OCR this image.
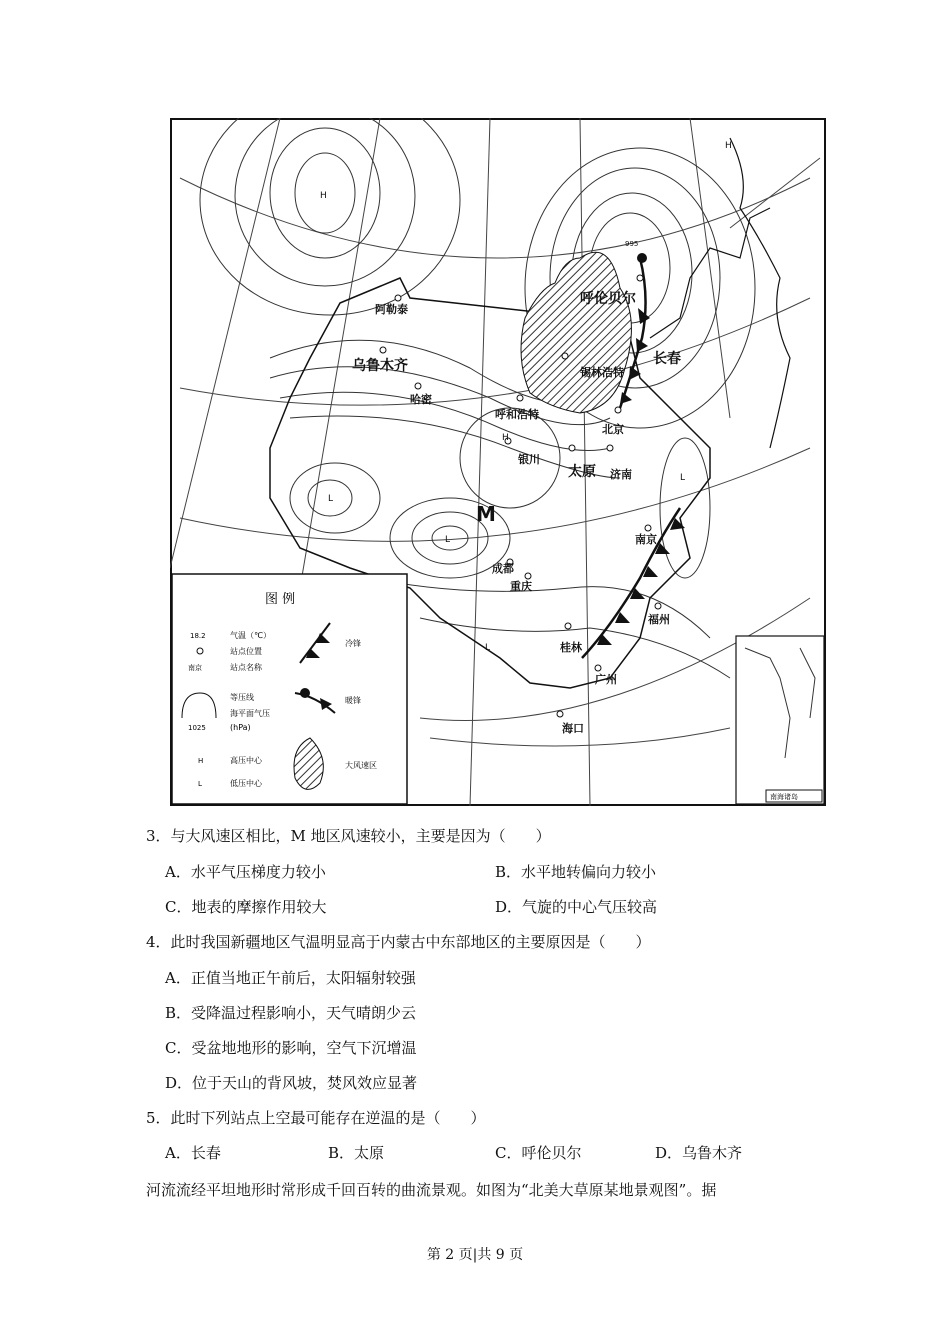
阿勒泰
乌鲁木齐
哈密
呼伦贝尔
长春
锡林浩特
呼和浩特
北京
银川
太原 济南
南京
成都
重庆
桂林
福州
广州
海口
H
H
H
L
L
L
L
M
995
图 例
18.2	气温（℃）
站点位置
南京	站点名称
等压线
海平面气压
1025	(hPa)
H	高压中心
L	低压中心
冷锋
暖锋
大风速区
南海诸岛
3．与大风速区相比，M 地区风速较小，主要是因为（　　）
A．水平气压梯度力较小	B．水平地转偏向力较小
C．地表的摩擦作用较大	D．气旋的中心气压较高
4．此时我国新疆地区气温明显高于内蒙古中东部地区的主要原因是（　　）
A．正值当地正午前后，太阳辐射较强
B．受降温过程影响小，天气晴朗少云
C．受盆地地形的影响，空气下沉增温
D．位于天山的背风坡，焚风效应显著
5．此时下列站点上空最可能存在逆温的是（　　）
A．长春	B．太原	C．呼伦贝尔	D．乌鲁木齐
河流流经平坦地形时常形成千回百转的曲流景观。如图为“北美大草原某地景观图”。据
第 2 页|共 9 页
